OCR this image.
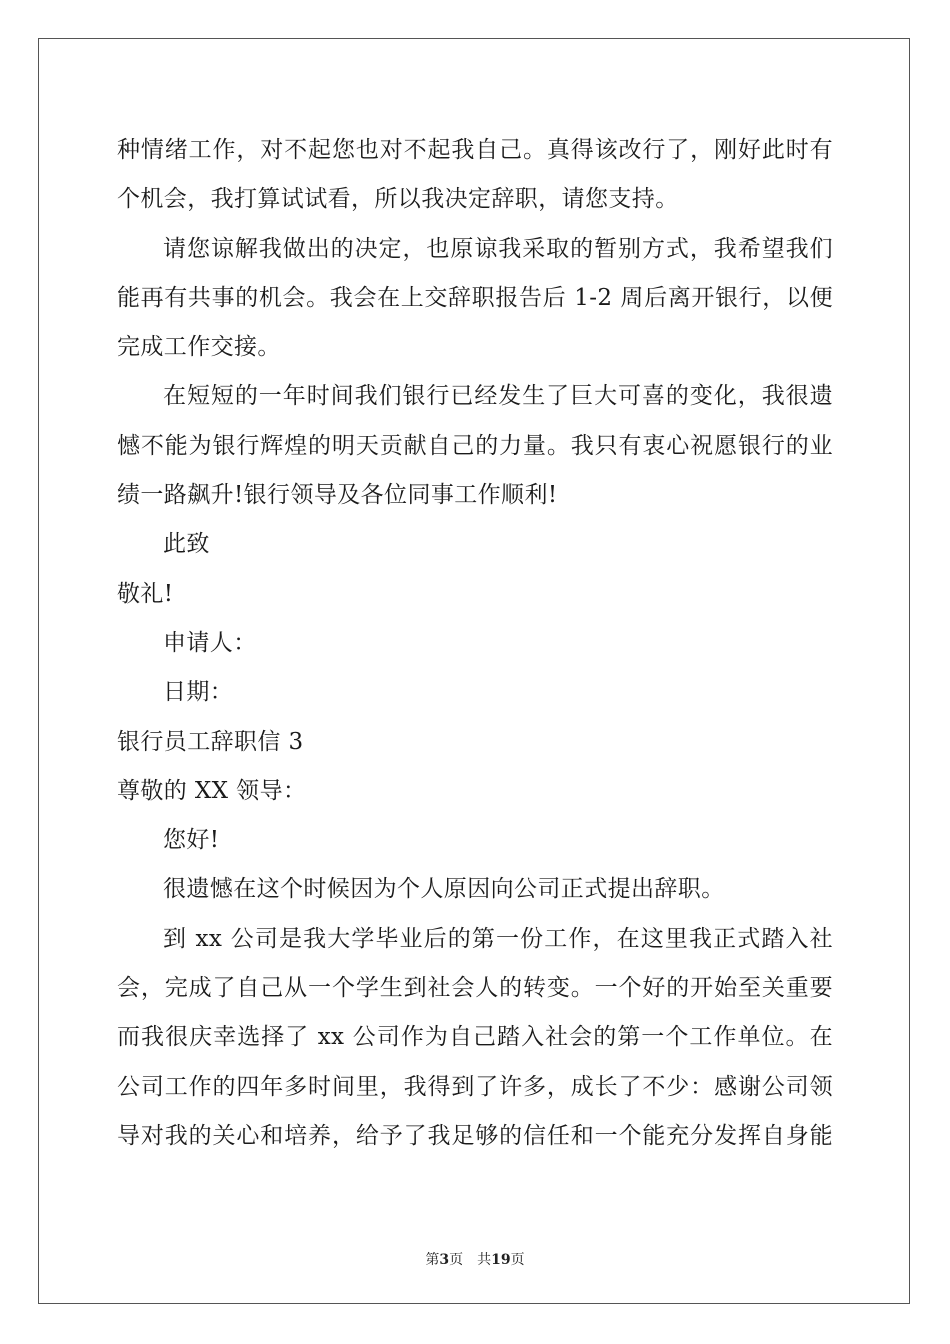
种情绪工作，对不起您也对不起我自己。真得该改行了，刚好此时有
个机会，我打算试试看，所以我决定辞职，请您支持。
请您谅解我做出的决定，也原谅我采取的暂别方式，我希望我们
能再有共事的机会。我会在上交辞职报告后 1-2 周后离开银行，以便
完成工作交接。
在短短的一年时间我们银行已经发生了巨大可喜的变化，我很遗
憾不能为银行辉煌的明天贡献自己的力量。我只有衷心祝愿银行的业
绩一路飙升!银行领导及各位同事工作顺利!
此致
敬礼!
申请人：
日期：
银行员工辞职信 3
尊敬的 XX 领导：
您好!
很遗憾在这个时候因为个人原因向公司正式提出辞职。
到 xx 公司是我大学毕业后的第一份工作，在这里我正式踏入社
会，完成了自己从一个学生到社会人的转变。一个好的开始至关重要
而我很庆幸选择了 xx 公司作为自己踏入社会的第一个工作单位。在
公司工作的四年多时间里，我得到了许多，成长了不少：感谢公司领
导对我的关心和培养，给予了我足够的信任和一个能充分发挥自身能
第3页 共19页
